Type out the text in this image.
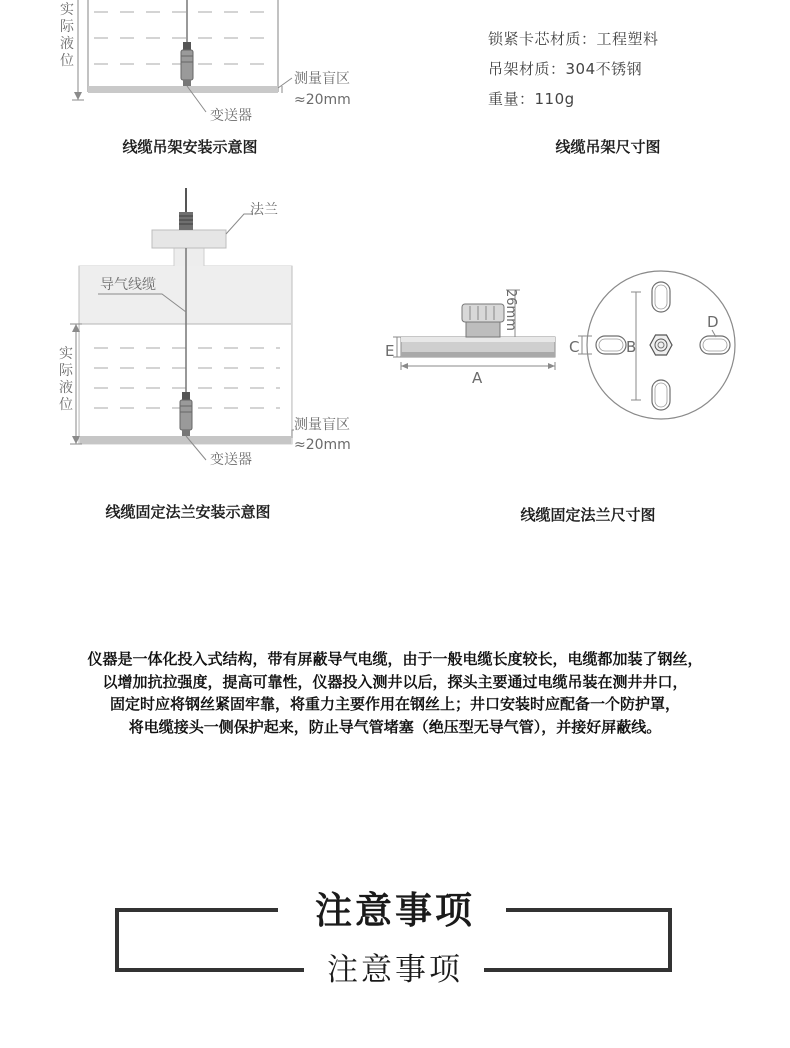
实
际
液
位
测量盲区
≈20mm
变送器
法兰
导气线缆
实
际
液
位
测量盲区
≈20mm
变送器
26mm
E
A
C	B
D
锁紧卡芯材质：工程塑料
吊架材质：304不锈钢
重量：110g
线缆吊架安装示意图	线缆吊架尺寸图
线缆固定法兰安装示意图	线缆固定法兰尺寸图
仪器是一体化投入式结构，带有屏蔽导气电缆，由于一般电缆长度较长，电缆都加装了钢丝，
以增加抗拉强度，提高可靠性，仪器投入测井以后，探头主要通过电缆吊装在测井井口，
固定时应将钢丝紧固牢靠，将重力主要作用在钢丝上；井口安装时应配备一个防护罩，
将电缆接头一侧保护起来，防止导气管堵塞（绝压型无导气管），并接好屏蔽线。
注意事项
注意事项
